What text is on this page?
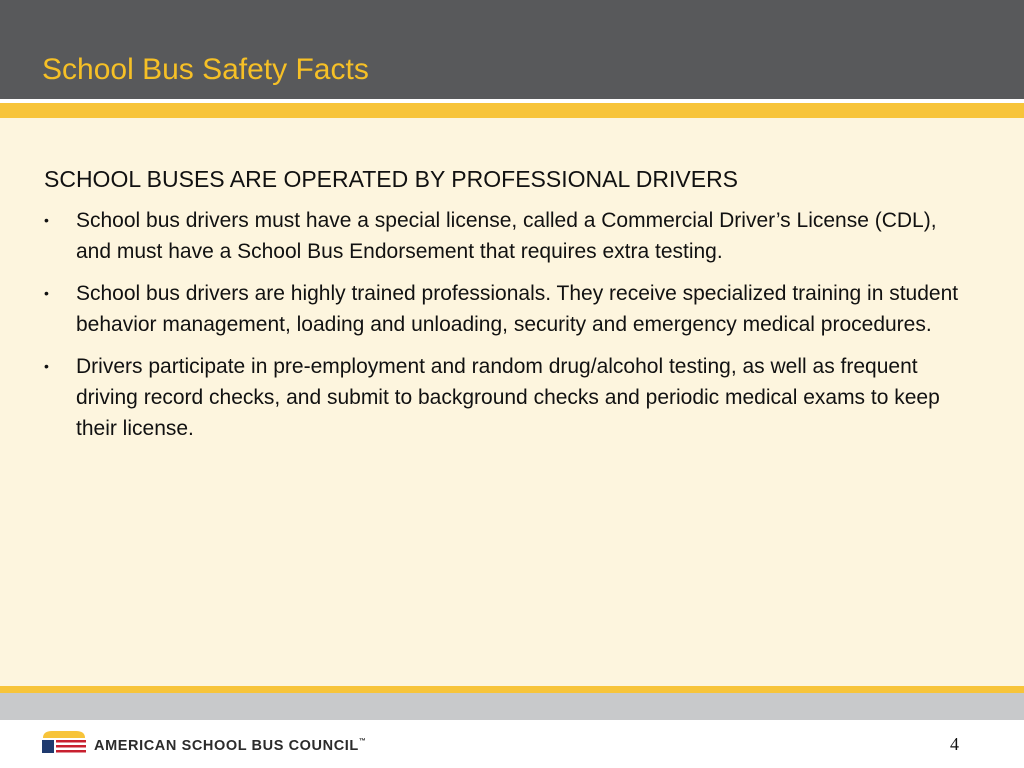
School Bus Safety Facts
SCHOOL BUSES ARE OPERATED BY PROFESSIONAL DRIVERS
• School bus drivers must have a special license, called a Commercial Driver’s License (CDL), and must have a School Bus Endorsement that requires extra testing.
• School bus drivers are highly trained professionals. They receive specialized training in student behavior management, loading and unloading, security and emergency medical procedures.
• Drivers participate in pre-employment and random drug/alcohol testing, as well as frequent driving record checks, and submit to background checks and periodic medical exams to keep their license.
AMERICAN SCHOOL BUS COUNCIL™	4
